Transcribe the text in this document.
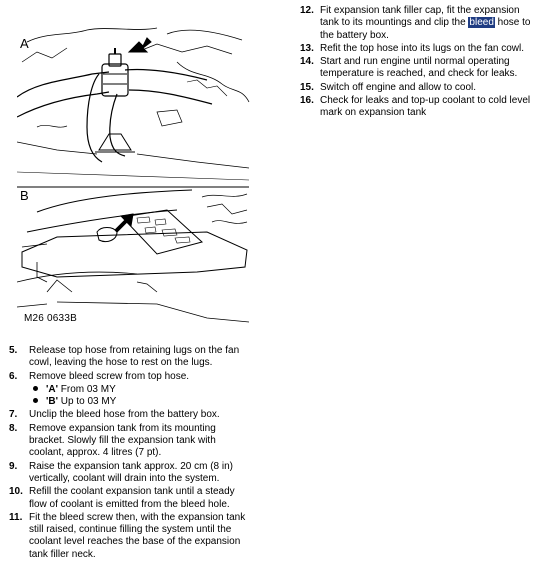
A
B
M26 0633B
5.	Release top hose from retaining lugs on the fan cowl, leaving the hose to rest on the lugs.
6.	Remove bleed screw from top hose.
'A' From 03 MY
'B' Up to 03 MY
7.	Unclip the bleed hose from the battery box.
8.	Remove expansion tank from its mounting bracket. Slowly fill the expansion tank with coolant, approx. 4 litres (7 pt).
9.	Raise the expansion tank approx. 20 cm (8 in) vertically, coolant will drain into the system.
10. Refill the coolant expansion tank until a steady flow of coolant is emitted from the bleed hole.
11. Fit the bleed screw then, with the expansion tank still raised, continue filling the system until the coolant level reaches the base of the expansion tank filler neck.
12. Fit expansion tank filler cap, fit the expansion tank to its mountings and clip the bleed hose to the battery box.
13. Refit the top hose into its lugs on the fan cowl.
14. Start and run engine until normal operating temperature is reached, and check for leaks.
15. Switch off engine and allow to cool.
16. Check for leaks and top-up coolant to cold level mark on expansion tank
